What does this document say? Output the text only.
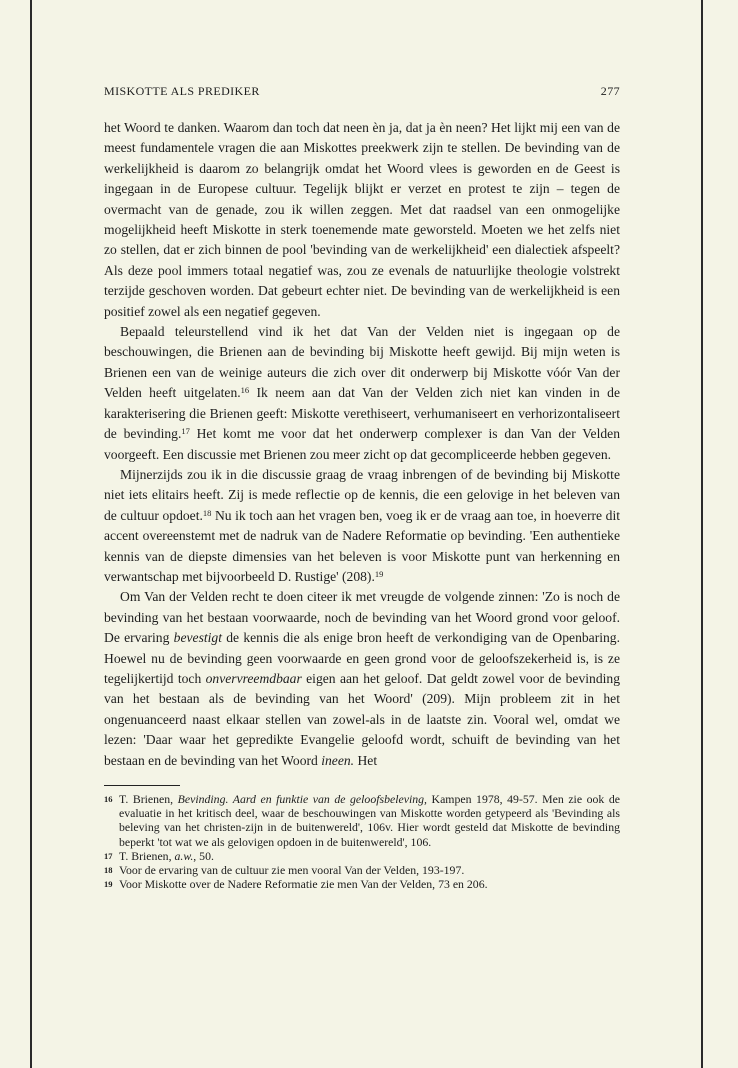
MISKOTTE ALS PREDIKER	277

het Woord te danken. Waarom dan toch dat neen èn ja, dat ja èn neen? Het lijkt mij een van de meest fundamentele vragen die aan Miskottes preekwerk zijn te stellen. De bevinding van de werkelijkheid is daarom zo belangrijk omdat het Woord vlees is geworden en de Geest is ingegaan in de Europese cultuur. Tegelijk blijkt er verzet en protest te zijn – tegen de overmacht van de genade, zou ik willen zeggen. Met dat raadsel van een onmogelijke mogelijkheid heeft Miskotte in sterk toenemende mate geworsteld. Moeten we het zelfs niet zo stellen, dat er zich binnen de pool 'bevinding van de werkelijkheid' een dialectiek afspeelt? Als deze pool immers totaal negatief was, zou ze evenals de natuurlijke theologie volstrekt terzijde geschoven worden. Dat gebeurt echter niet. De bevinding van de werkelijkheid is een positief zowel als een negatief gegeven.

Bepaald teleurstellend vind ik het dat Van der Velden niet is ingegaan op de beschouwingen, die Brienen aan de bevinding bij Miskotte heeft gewijd. Bij mijn weten is Brienen een van de weinige auteurs die zich over dit onderwerp bij Miskotte vóór Van der Velden heeft uitgelaten.$^{16}$ Ik neem aan dat Van der Velden zich niet kan vinden in de karakterisering die Brienen geeft: Miskotte verethiseert, verhumaniseert en verhorizontaliseert de bevinding.$^{17}$ Het komt me voor dat het onderwerp complexer is dan Van der Velden voorgeeft. Een discussie met Brienen zou meer zicht op dat gecompliceerde hebben gegeven.

Mijnerzijds zou ik in die discussie graag de vraag inbrengen of de bevinding bij Miskotte niet iets elitairs heeft. Zij is mede reflectie op de kennis, die een gelovige in het beleven van de cultuur opdoet.$^{18}$ Nu ik toch aan het vragen ben, voeg ik er de vraag aan toe, in hoeverre dit accent overeenstemt met de nadruk van de Nadere Reformatie op bevinding. 'Een authentieke kennis van de diepste dimensies van het beleven is voor Miskotte punt van herkenning en verwantschap met bijvoorbeeld D. Rustige' (208).$^{19}$

Om Van der Velden recht te doen citeer ik met vreugde de volgende zinnen: 'Zo is noch de bevinding van het bestaan voorwaarde, noch de bevinding van het Woord grond voor geloof. De ervaring bevestigt de kennis die als enige bron heeft de verkondiging van de Openbaring. Hoewel nu de bevinding geen voorwaarde en geen grond voor de geloofszekerheid is, is ze tegelijkertijd toch onvervreemdbaar eigen aan het geloof. Dat geldt zowel voor de bevinding van het bestaan als de bevinding van het Woord' (209). Mijn probleem zit in het ongenuanceerd naast elkaar stellen van zowel-als in de laatste zin. Vooral wel, omdat we lezen: 'Daar waar het gepredikte Evangelie geloofd wordt, schuift de bevinding van het bestaan en de bevinding van het Woord ineen. Het

16 T. Brienen, Bevinding. Aard en funktie van de geloofsbeleving, Kampen 1978, 49-57. Men zie ook de evaluatie in het kritisch deel, waar de beschouwingen van Miskotte worden getypeerd als 'Bevinding als beleving van het christen-zijn in de buitenwereld', 106v. Hier wordt gesteld dat Miskotte de bevinding beperkt 'tot wat we als gelovigen opdoen in de buitenwereld', 106.
17 T. Brienen, a.w., 50.
18 Voor de ervaring van de cultuur zie men vooral Van der Velden, 193-197.
19 Voor Miskotte over de Nadere Reformatie zie men Van der Velden, 73 en 206.
